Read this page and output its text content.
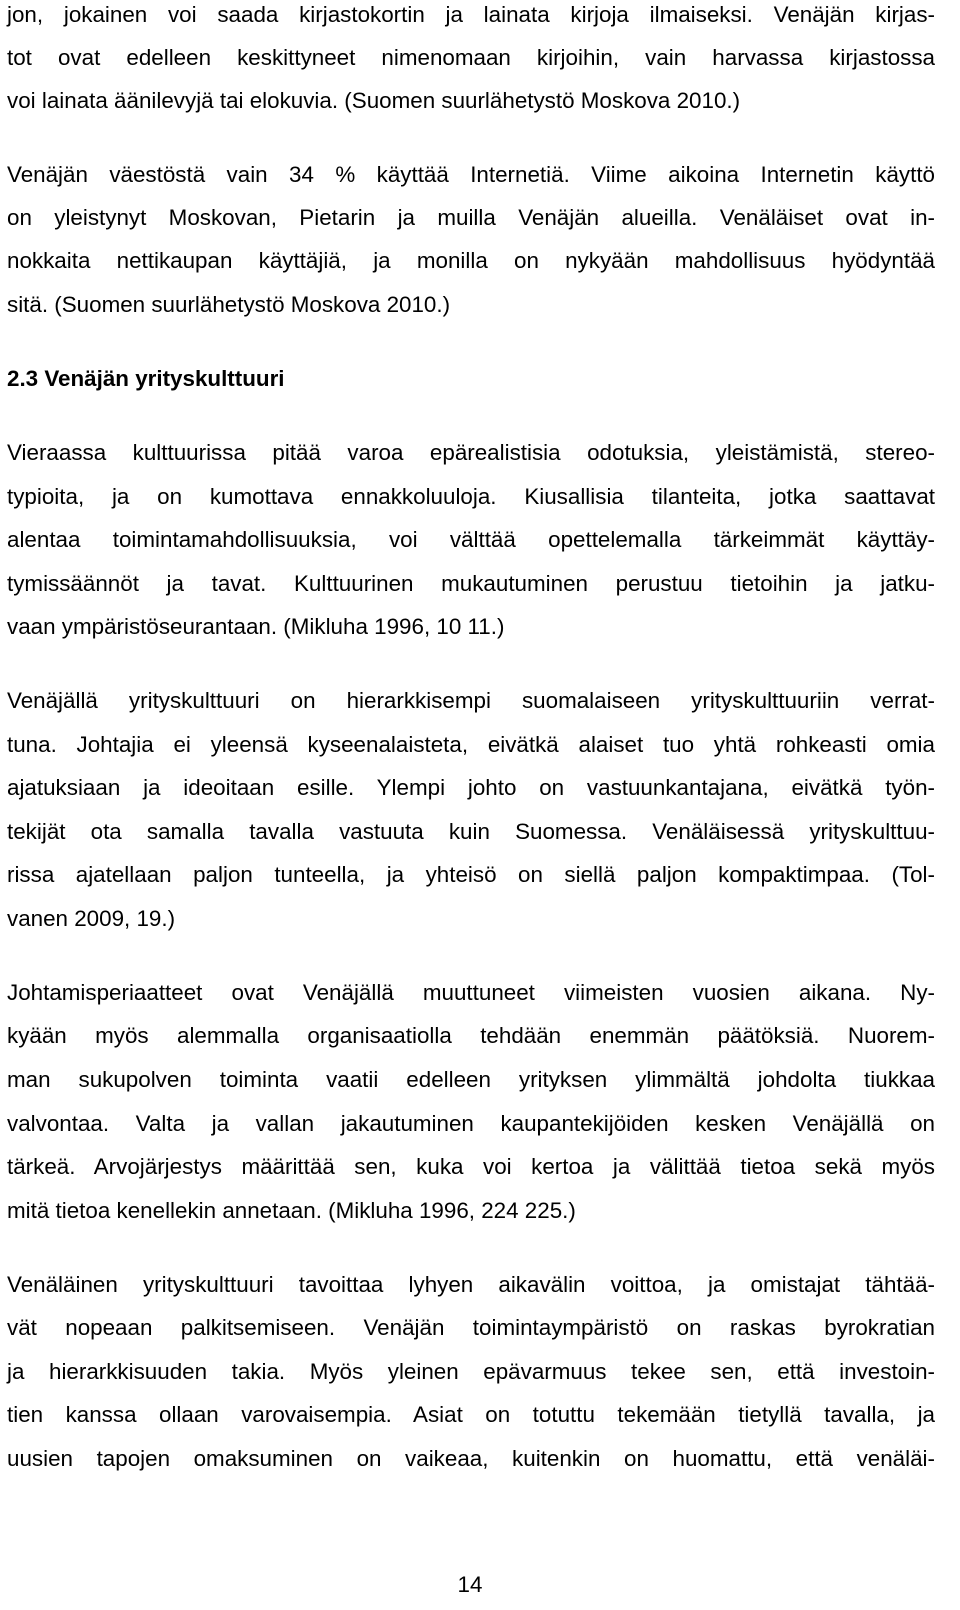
jon, jokainen voi saada kirjastokortin ja lainata kirjoja ilmaiseksi. Venäjän kirjas-
tot ovat edelleen keskittyneet nimenomaan kirjoihin, vain harvassa kirjastossa
voi lainata äänilevyjä tai elokuvia. (Suomen suurlähetystö Moskova 2010.)
Venäjän väestöstä vain 34 % käyttää Internetiä. Viime aikoina Internetin käyttö
on yleistynyt Moskovan, Pietarin ja muilla Venäjän alueilla. Venäläiset ovat in-
nokkaita nettikaupan käyttäjiä, ja monilla on nykyään mahdollisuus hyödyntää
sitä. (Suomen suurlähetystö Moskova 2010.)
2.3 Venäjän yrityskulttuuri
Vieraassa kulttuurissa pitää varoa epärealistisia odotuksia, yleistämistä, stereo-
typioita, ja on kumottava ennakkoluuloja. Kiusallisia tilanteita, jotka saattavat
alentaa toimintamahdollisuuksia, voi välttää opettelemalla tärkeimmät käyttäy-
tymissäännöt ja tavat. Kulttuurinen mukautuminen perustuu tietoihin ja jatku-
vaan ympäristöseurantaan. (Mikluha 1996, 10 11.)
Venäjällä yrityskulttuuri on hierarkkisempi suomalaiseen yrityskulttuuriin verrat-
tuna. Johtajia ei yleensä kyseenalaisteta, eivätkä alaiset tuo yhtä rohkeasti omia
ajatuksiaan ja ideoitaan esille. Ylempi johto on vastuunkantajana, eivätkä työn-
tekijät ota samalla tavalla vastuuta kuin Suomessa. Venäläisessä yrityskulttuu-
rissa ajatellaan paljon tunteella, ja yhteisö on siellä paljon kompaktimpaa. (Tol-
vanen 2009, 19.)
Johtamisperiaatteet ovat Venäjällä muuttuneet viimeisten vuosien aikana. Ny-
kyään myös alemmalla organisaatiolla tehdään enemmän päätöksiä. Nuorem-
man sukupolven toiminta vaatii edelleen yrityksen ylimmältä johdolta tiukkaa
valvontaa. Valta ja vallan jakautuminen kaupantekijöiden kesken Venäjällä on
tärkeä. Arvojärjestys määrittää sen, kuka voi kertoa ja välittää tietoa sekä myös
mitä tietoa kenellekin annetaan. (Mikluha 1996, 224 225.)
Venäläinen yrityskulttuuri tavoittaa lyhyen aikavälin voittoa, ja omistajat tähtää-
vät nopeaan palkitsemiseen. Venäjän toimintaympäristö on raskas byrokratian
ja hierarkkisuuden takia. Myös yleinen epävarmuus tekee sen, että investoin-
tien kanssa ollaan varovaisempia. Asiat on totuttu tekemään tietyllä tavalla, ja
uusien tapojen omaksuminen on vaikeaa, kuitenkin on huomattu, että venäläi-
14
